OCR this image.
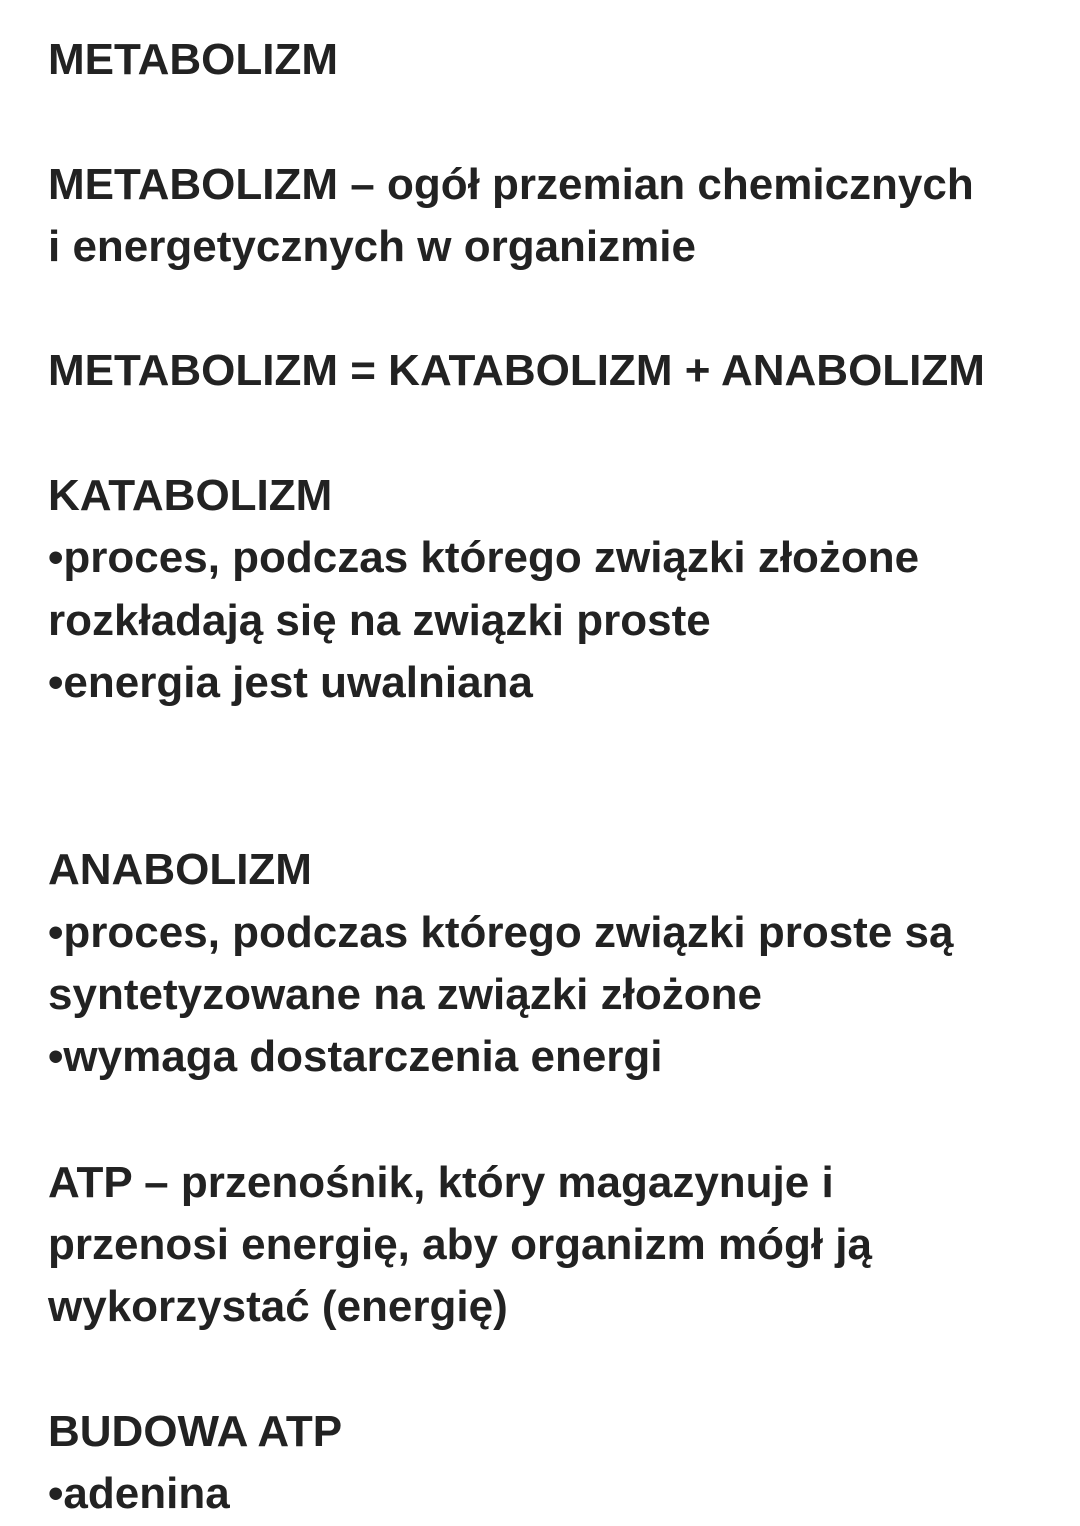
METABOLIZM
METABOLIZM – ogół przemian chemicznych
i energetycznych w organizmie
METABOLIZM = KATABOLIZM + ANABOLIZM
KATABOLIZM
•proces, podczas którego związki złożone
rozkładają się na związki proste
•energia jest uwalniana
ANABOLIZM
•proces, podczas którego związki proste są
syntetyzowane na związki złożone
•wymaga dostarczenia energi
ATP – przenośnik, który magazynuje i
przenosi energię, aby organizm mógł ją
wykorzystać (energię)
BUDOWA ATP
•adenina
